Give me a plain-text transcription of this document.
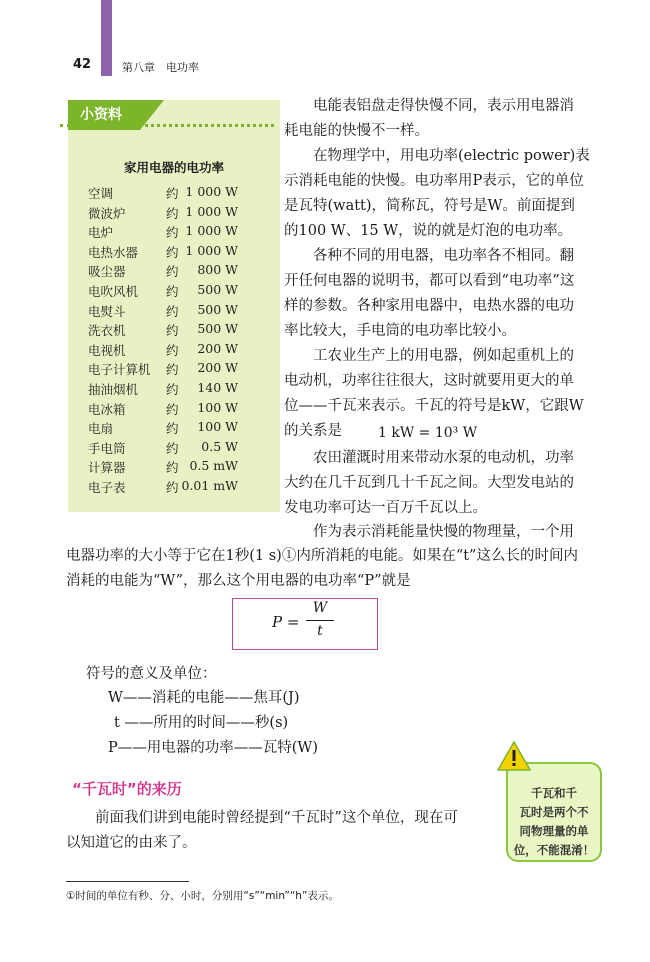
42	第八章　电功率
小资料
家用电器的电功率
空调	约 1 000 W
微波炉	约 1 000 W
电炉	约 1 000 W
电热水器 约 1 000 W
吸尘器	约 800 W
电吹风机 约 500 W
电熨斗	约 500 W
洗衣机	约 500 W
电视机	约 200 W
电子计算机 约 200 W
抽油烟机 约 140 W
电冰箱	约 100 W
电扇	约 100 W
手电筒	约 0.5 W
计算器	约 0.5 mW
电子表	约 0.01 mW
电能表铝盘走得快慢不同，表示用电器消
耗电能的快慢不一样。
在物理学中，用电功率(electric power)表
示消耗电能的快慢。电功率用P表示，它的单位
是瓦特(watt)，简称瓦，符号是W。前面提到
的100 W、15 W，说的就是灯泡的电功率。
各种不同的用电器，电功率各不相同。翻
开任何电器的说明书，都可以看到“电功率”这
样的参数。各种家用电器中，电热水器的电功
率比较大，手电筒的电功率比较小。
工农业生产上的用电器，例如起重机上的
电动机，功率往往很大，这时就要用更大的单
位——千瓦来表示。千瓦的符号是kW，它跟W
的关系是	1 kW = 10³ W
农田灌溉时用来带动水泵的电动机，功率
大约在几千瓦到几十千瓦之间。大型发电站的
发电功率可达一百万千瓦以上。
作为表示消耗能量快慢的物理量，一个用
电器功率的大小等于它在1秒(1 s)①内所消耗的电能。如果在“t”这么长的时间内
消耗的电能为“W”，那么这个用电器的电功率“P”就是
P =
W
t
符号的意义及单位：
W——消耗的电能——焦耳(J)
t ——所用的时间——秒(s)
P——用电器的功率——瓦特(W)
“千瓦时”的来历
前面我们讲到电能时曾经提到“千瓦时”这个单位，现在可
以知道它的由来了。
千瓦和千
瓦时是两个不
同物理量的单
位，不能混淆！
①时间的单位有秒、分、小时，分别用“s”“min”“h”表示。
